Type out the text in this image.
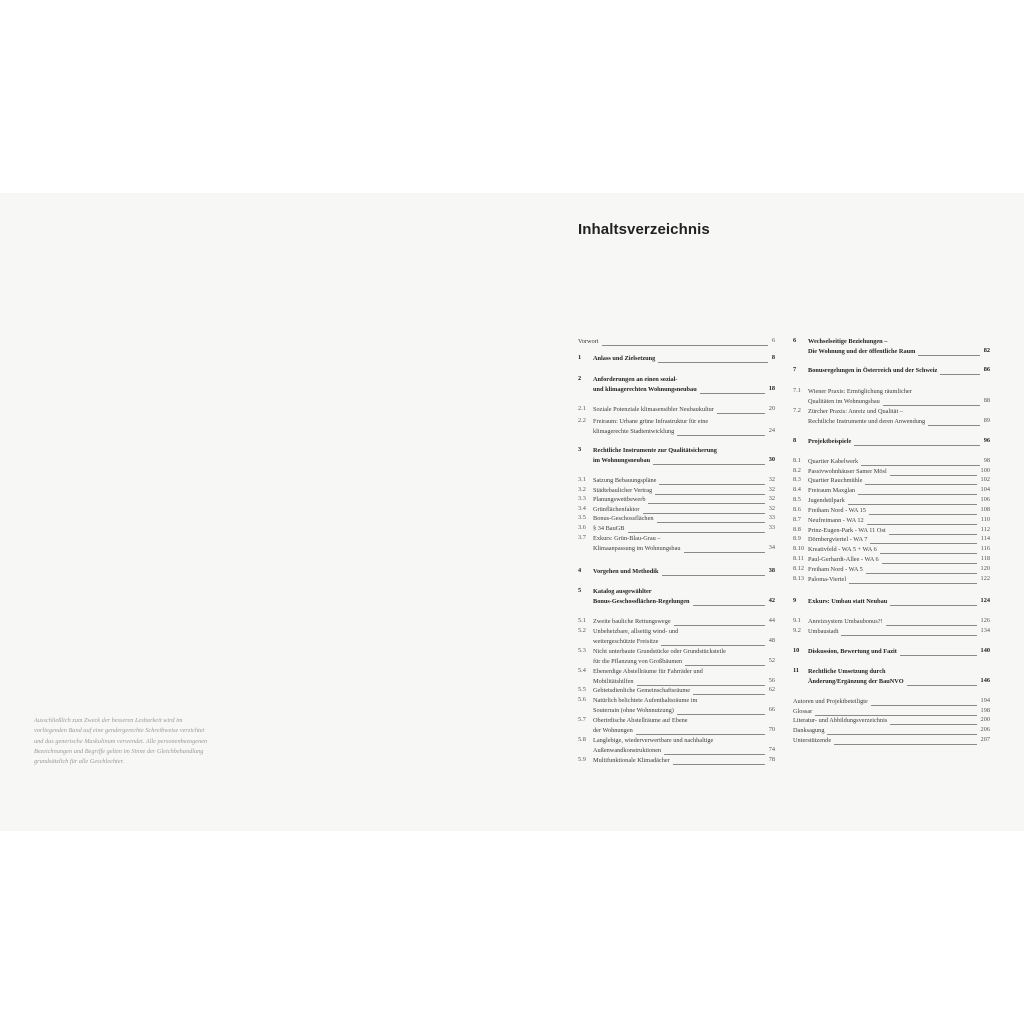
Inhaltsverzeichnis
Ausschließlich zum Zweck der besseren Lesbarkeit wird im
vorliegenden Band auf eine gendergerechte Schreibweise verzichtet
und das generische Maskulinum verwendet. Alle personenbezogenen
Bezeichnungen und Begriffe gelten im Sinne der Gleichbehandlung
grundsätzlich für alle Geschlechter.
Vorwort	6
1 Anlass und Zielsetzung	8
2 Anforderungen an einen sozial-
und klimagerechten Wohnungsneubau	18
2.1 Soziale Potenziale klimasensibler Neubaukultur	20
2.2 Freiraum: Urbane grüne Infrastruktur für eine
klimagerechte Stadtentwicklung	24
3 Rechtliche Instrumente zur Qualitätsicherung
im Wohnungsneubau	30
3.1 Satzung Bebauungspläne	32
3.2 Städtebaulicher Vertrag	32
3.3 Planungswettbewerb	32
3.4 Grünflächenfaktor	32
3.5 Bonus-Geschossflächen	33
3.6 § 34 BauGB	33
3.7 Exkurs: Grün-Blau-Grau –
Klimaanpassung im Wohnungsbau	34
4 Vorgehen und Methodik	38
5 Katalog ausgewählter
Bonus-Geschossflächen-Regelungen	42
5.1 Zweite bauliche Rettungswege	44
5.2 Unbeheizbare, allseitig wind- und
wettergeschützte Freisitze	48
5.3 Nicht unterbaute Grundstücke oder Grundstücksteile
für die Pflanzung von Großbäumen	52
5.4 Ebenerdige Abstellräume für Fahrräder und
Mobilitätshilfen	56
5.5 Gebietsdienliche Gemeinschaftsräume	62
5.6 Natürlich belichtete Aufenthaltsräume im
Souterrain (ohne Wohnnutzung)	66
5.7 Oberirdische Abstellräume auf Ebene
der Wohnungen	70
5.8 Langlebige, wiederverwertbare und nachhaltige
Außenwandkonstruktionen	74
5.9 Multifunktionale Klimadächer	78
6 Wechselseitige Beziehungen –
Die Wohnung und der öffentliche Raum	82
7 Bonusregelungen in Österreich und der Schweiz	86
7.1 Wiener Praxis: Ermöglichung räumlicher
Qualitäten im Wohnungsbau	88
7.2 Zürcher Praxis: Anreiz und Qualität –
Rechtliche Instrumente und deren Anwendung	89
8 Projektbeispiele	96
8.1 Quartier Kabelwerk	98
8.2 Passivwohnhäuser Samer Mösl	100
8.3 Quartier Rauchmühle	102
8.4 Freiraum Maxglan	104
8.5 Jugendstilpark	106
8.6 Freiham Nord - WA 15	108
8.7 Neufreimann - WA 12	110
8.8 Prinz-Eugen-Park - WA 11 Ost	112
8.9 Dörnbergviertel - WA 7	114
8.10 Kreativfeld - WA 5 + WA 6	116
8.11 Paul-Gerhardt-Allee - WA 6	118
8.12 Freiham Nord - WA 5	120
8.13 Paloma-Viertel	122
9 Exkurs: Umbau statt Neubau	124
9.1 Anreizsystem Umbaubonus?!	126
9.2 Umbaustadt	134
10 Diskussion, Bewertung und Fazit	140
11 Rechtliche Umsetzung durch
Änderung/Ergänzung der BauNVO	146
Autoren und Projektbeteiligte	194
Glossar	198
Literatur- und Abbildungsverzeichnis	200
Danksagung	206
Unterstützende	207
